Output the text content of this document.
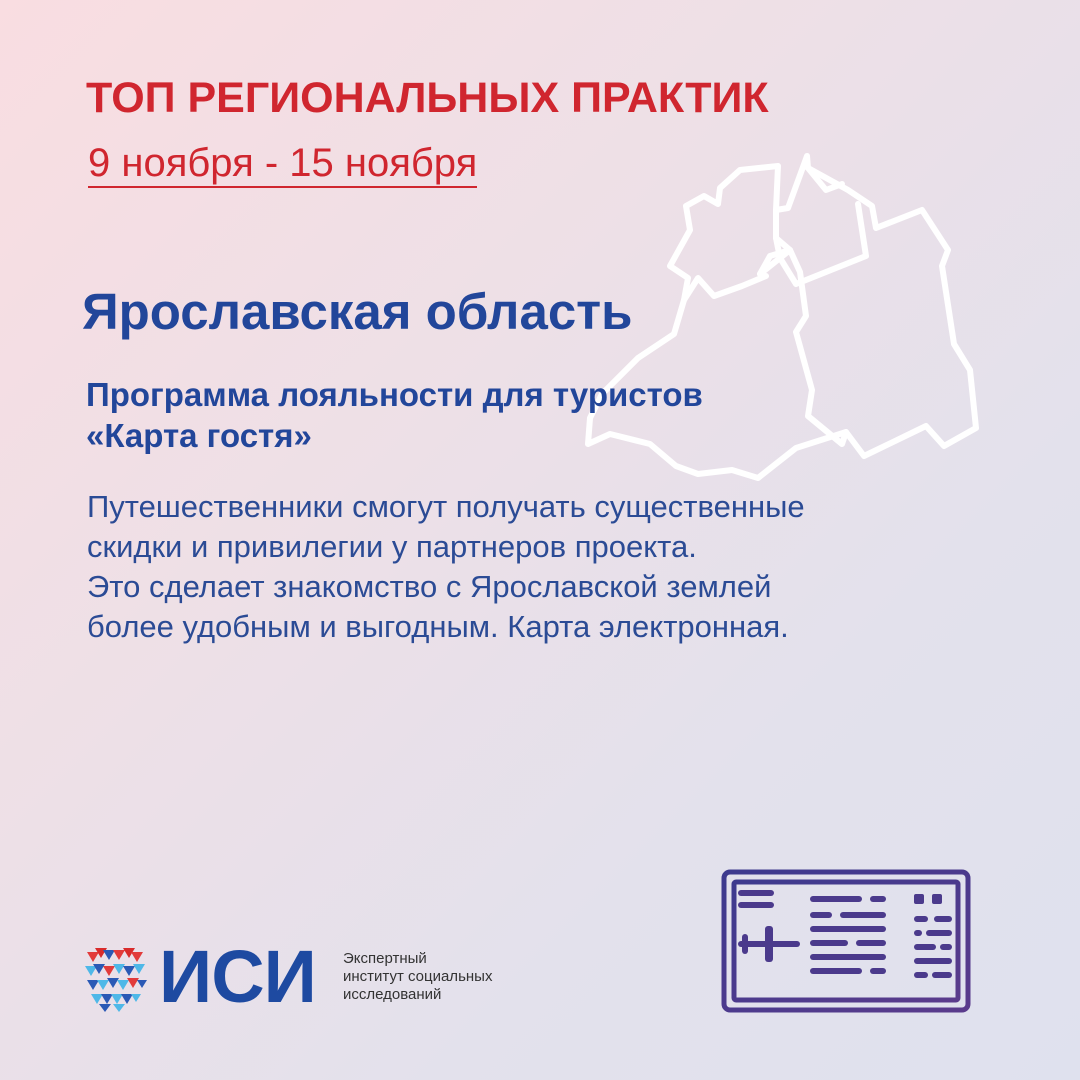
ТОП РЕГИОНАЛЬНЫХ ПРАКТИК
9 ноября - 15 ноября
Ярославская область
Программа лояльности для туристов
«Карта гостя»
Путешественники смогут получать существенные
скидки и привилегии у партнеров проекта.
Это сделает знакомство с Ярославской землей
более удобным и выгодным. Карта электронная.
ИСИ Экспертный
институт социальных
исследований
